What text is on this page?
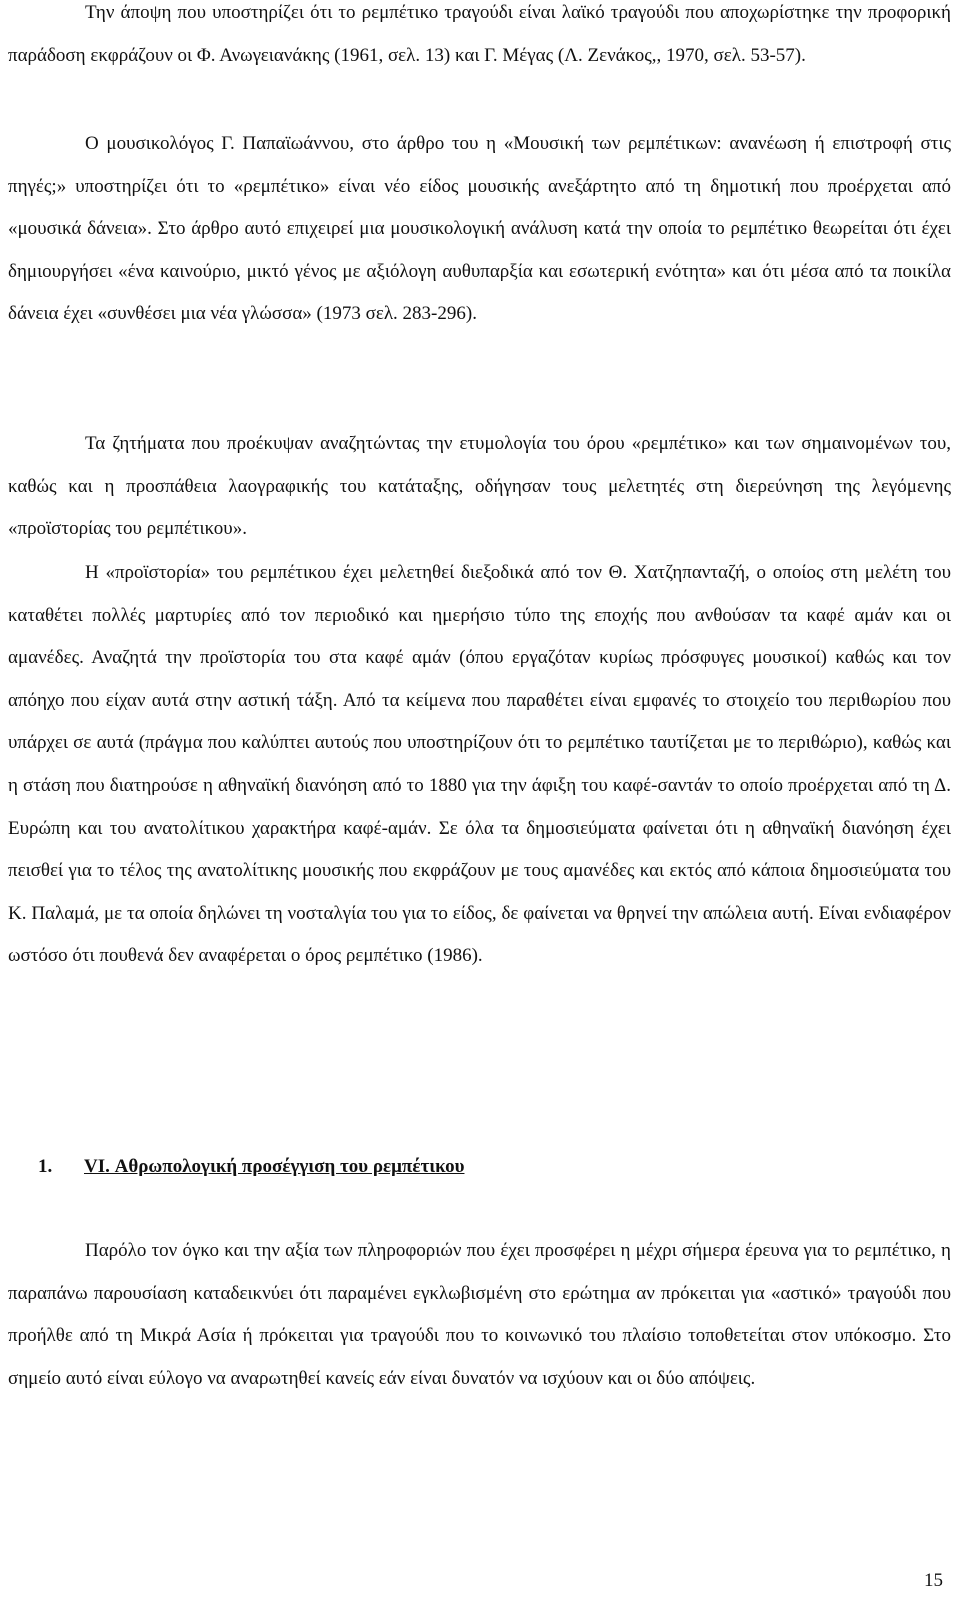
Την άποψη που υποστηρίζει ότι το ρεμπέτικο τραγούδι είναι λαϊκό τραγούδι που αποχωρίστηκε την προφορική παράδοση εκφράζουν οι Φ. Ανωγειανάκης (1961, σελ. 13) και Γ. Μέγας (Λ. Ζενάκος,, 1970, σελ. 53-57).

Ο μουσικολόγος Γ. Παπαϊωάννου, στο άρθρο του η «Μουσική των ρεμπέτικων: ανανέωση ή επιστροφή στις πηγές;» υποστηρίζει ότι το «ρεμπέτικο» είναι νέο είδος μουσικής ανεξάρτητο από τη δημοτική που προέρχεται από «μουσικά δάνεια». Στο άρθρο αυτό επιχειρεί μια μουσικολογική ανάλυση κατά την οποία το ρεμπέτικο θεωρείται ότι έχει δημιουργήσει «ένα καινούριο, μικτό γένος με αξιόλογη αυθυπαρξία και εσωτερική ενότητα» και ότι μέσα από τα ποικίλα δάνεια έχει «συνθέσει μια νέα γλώσσα» (1973 σελ. 283-296).

Τα ζητήματα που προέκυψαν αναζητώντας την ετυμολογία του όρου «ρεμπέτικο» και των σημαινομένων του, καθώς και η προσπάθεια λαογραφικής του κατάταξης, οδήγησαν τους μελετητές στη διερεύνηση της λεγόμενης «προϊστορίας του ρεμπέτικου».

Η «προϊστορία» του ρεμπέτικου έχει μελετηθεί διεξοδικά από τον Θ. Χατζηπανταζή, ο οποίος στη μελέτη του καταθέτει πολλές μαρτυρίες από τον περιοδικό και ημερήσιο τύπο της εποχής που ανθούσαν τα καφέ αμάν και οι αμανέδες. Αναζητά την προϊστορία του στα καφέ αμάν (όπου εργαζόταν κυρίως πρόσφυγες μουσικοί) καθώς και τον απόηχο που είχαν αυτά στην αστική τάξη. Από τα κείμενα που παραθέτει είναι εμφανές το στοιχείο του περιθωρίου που υπάρχει σε αυτά (πράγμα που καλύπτει αυτούς που υποστηρίζουν ότι το ρεμπέτικο ταυτίζεται με το περιθώριο), καθώς και η στάση που διατηρούσε η αθηναϊκή διανόηση από το 1880 για την άφιξη του καφέ-σαντάν το οποίο προέρχεται από τη Δ. Ευρώπη και του ανατολίτικου χαρακτήρα καφέ-αμάν. Σε όλα τα δημοσιεύματα φαίνεται ότι η αθηναϊκή διανόηση έχει πεισθεί για το τέλος της ανατολίτικης μουσικής που εκφράζουν με τους αμανέδες και εκτός από κάποια δημοσιεύματα του Κ. Παλαμά, με τα οποία δηλώνει τη νοσταλγία του για το είδος, δε φαίνεται να θρηνεί την απώλεια αυτή. Είναι ενδιαφέρον ωστόσο ότι πουθενά δεν αναφέρεται ο όρος ρεμπέτικο (1986).

1. VI. Αθρωπολογική προσέγγιση του ρεμπέτικου

Παρόλο τον όγκο και την αξία των πληροφοριών που έχει προσφέρει η μέχρι σήμερα έρευνα για το ρεμπέτικο, η παραπάνω παρουσίαση καταδεικνύει ότι παραμένει εγκλωβισμένη στο ερώτημα αν πρόκειται για «αστικό» τραγούδι που προήλθε από τη Μικρά Ασία ή πρόκειται για τραγούδι που το κοινωνικό του πλαίσιο τοποθετείται στον υπόκοσμο. Στο σημείο αυτό είναι εύλογο να αναρωτηθεί κανείς εάν είναι δυνατόν να ισχύουν και οι δύο απόψεις.

15
